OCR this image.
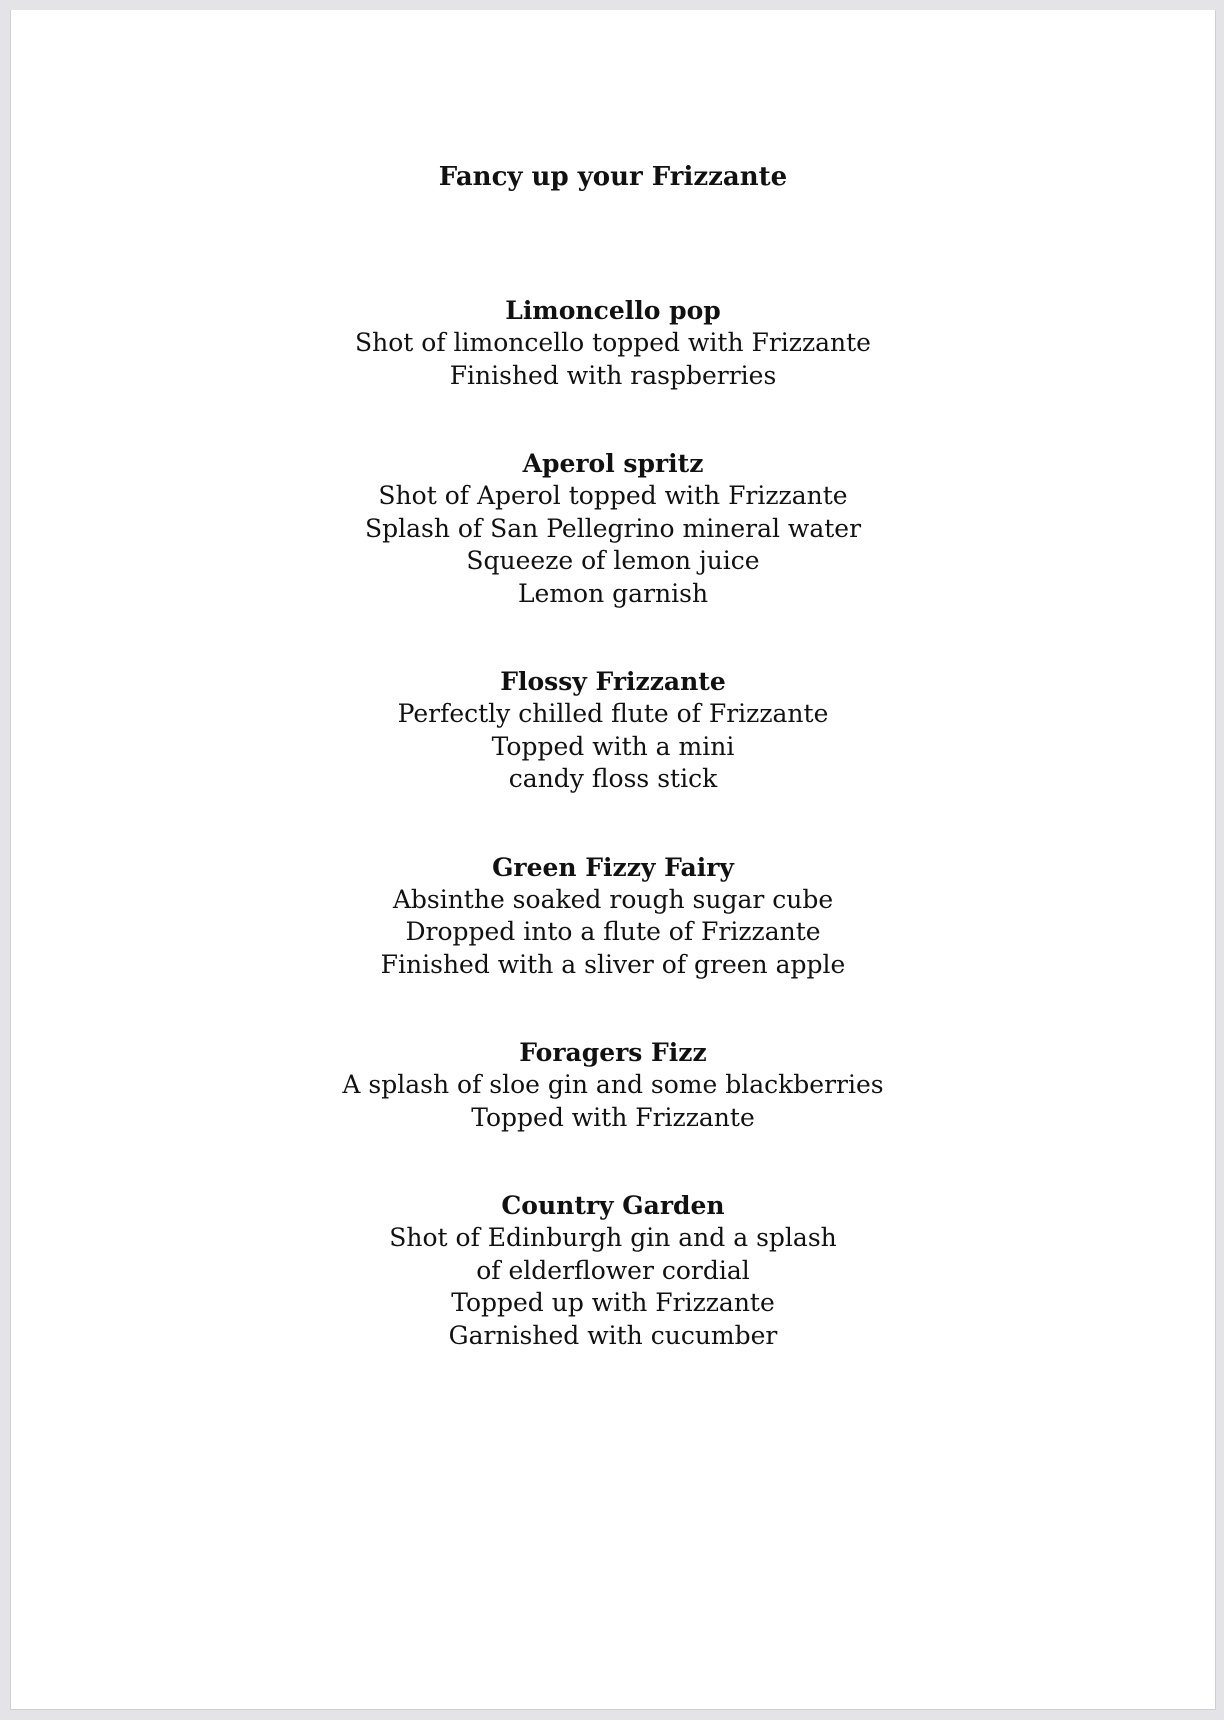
Fancy up your Frizzante
Limoncello pop
Shot of limoncello topped with Frizzante
Finished with raspberries
Aperol spritz
Shot of Aperol topped with Frizzante
Splash of San Pellegrino mineral water
Squeeze of lemon juice
Lemon garnish
Flossy Frizzante
Perfectly chilled flute of Frizzante
Topped with a mini
candy floss stick
Green Fizzy Fairy
Absinthe soaked rough sugar cube
Dropped into a flute of Frizzante
Finished with a sliver of green apple
Foragers Fizz
A splash of sloe gin and some blackberries
Topped with Frizzante
Country Garden
Shot of Edinburgh gin and a splash
of elderflower cordial
Topped up with Frizzante
Garnished with cucumber
